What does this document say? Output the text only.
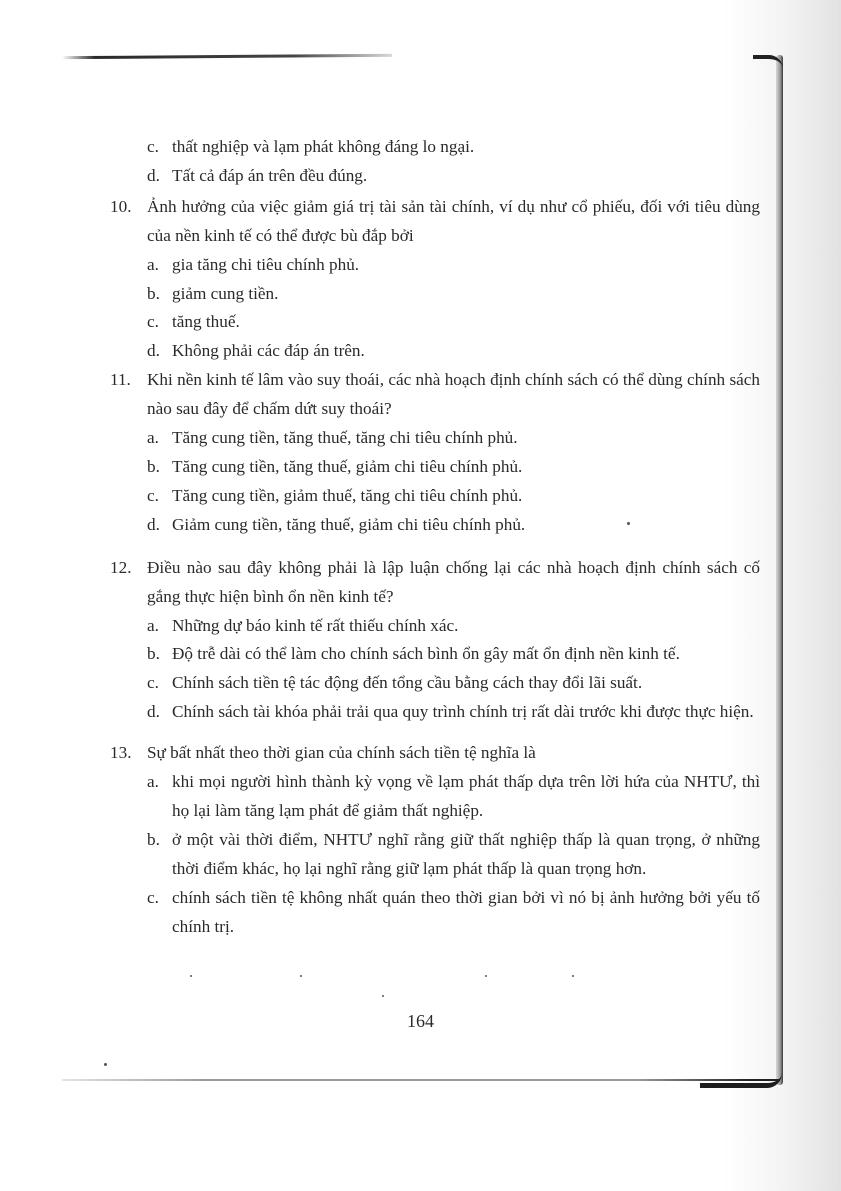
c. thất nghiệp và lạm phát không đáng lo ngại.
d. Tất cả đáp án trên đều đúng.
10. Ảnh hưởng của việc giảm giá trị tài sản tài chính, ví dụ như cổ phiếu, đối với tiêu dùng của nền kinh tế có thể được bù đắp bởi
a. gia tăng chi tiêu chính phủ.
b. giảm cung tiền.
c. tăng thuế.
d. Không phải các đáp án trên.
11. Khi nền kinh tế lâm vào suy thoái, các nhà hoạch định chính sách có thể dùng chính sách nào sau đây để chấm dứt suy thoái?
a. Tăng cung tiền, tăng thuế, tăng chi tiêu chính phủ.
b. Tăng cung tiền, tăng thuế, giảm chi tiêu chính phủ.
c. Tăng cung tiền, giảm thuế, tăng chi tiêu chính phủ.
d. Giảm cung tiền, tăng thuế, giảm chi tiêu chính phủ.
12. Điều nào sau đây không phải là lập luận chống lại các nhà hoạch định chính sách cố gắng thực hiện bình ổn nền kinh tế?
a. Những dự báo kinh tế rất thiếu chính xác.
b. Độ trễ dài có thể làm cho chính sách bình ổn gây mất ổn định nền kinh tế.
c. Chính sách tiền tệ tác động đến tổng cầu bằng cách thay đổi lãi suất.
d. Chính sách tài khóa phải trải qua quy trình chính trị rất dài trước khi được thực hiện.
13. Sự bất nhất theo thời gian của chính sách tiền tệ nghĩa là
a. khi mọi người hình thành kỳ vọng về lạm phát thấp dựa trên lời hứa của NHTƯ, thì họ lại làm tăng lạm phát để giảm thất nghiệp.
b. ở một vài thời điểm, NHTƯ nghĩ rằng giữ thất nghiệp thấp là quan trọng, ở những thời điểm khác, họ lại nghĩ rằng giữ lạm phát thấp là quan trọng hơn.
c. chính sách tiền tệ không nhất quán theo thời gian bởi vì nó bị ảnh hưởng bởi yếu tố chính trị.
164
